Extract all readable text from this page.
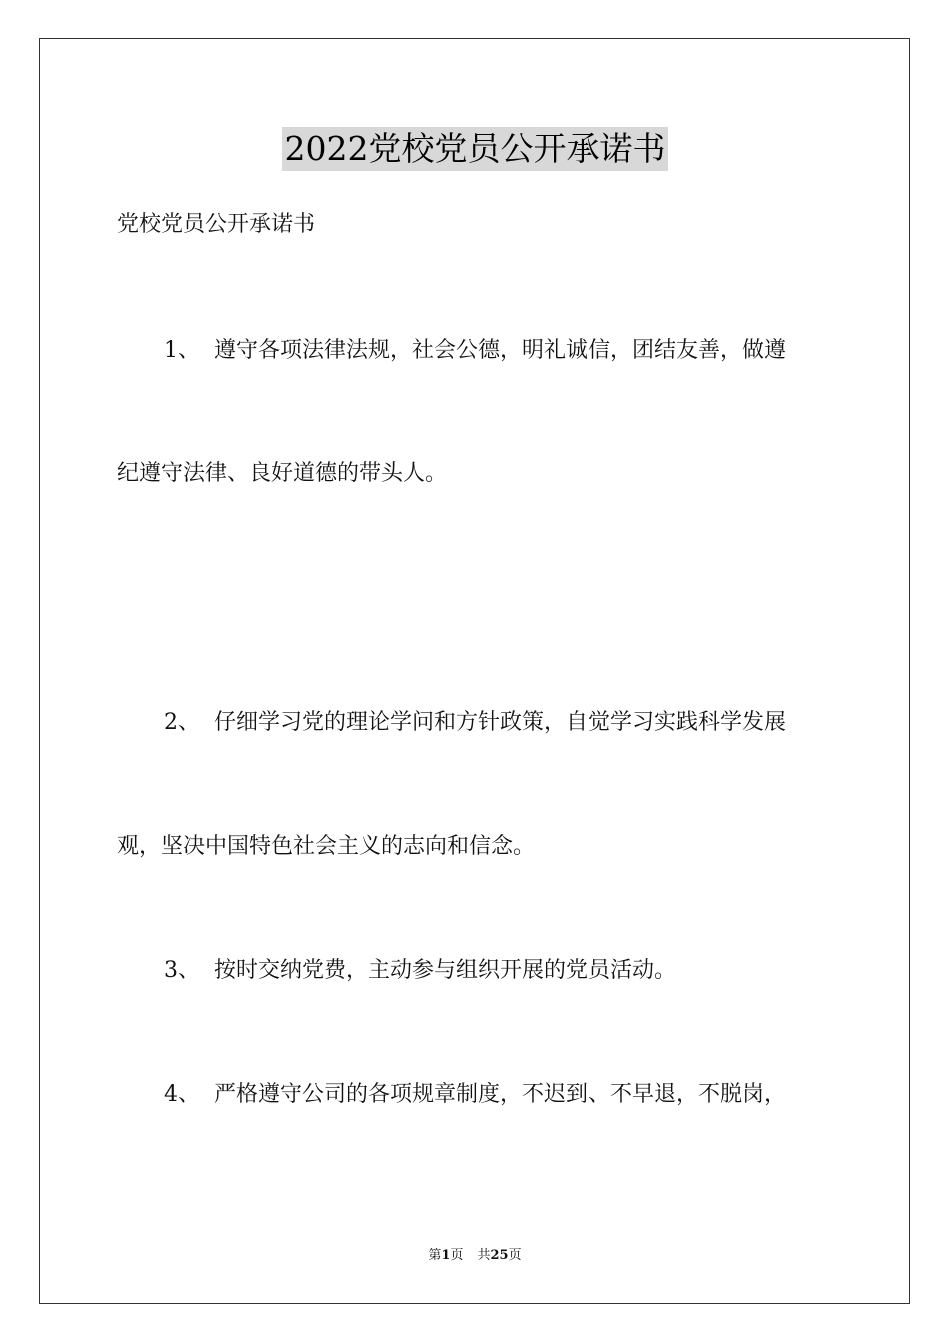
2022党校党员公开承诺书
党校党员公开承诺书
1、 遵守各项法律法规，社会公德，明礼诚信，团结友善，做遵
纪遵守法律、良好道德的带头人。
2、 仔细学习党的理论学问和方针政策，自觉学习实践科学发展
观，坚决中国特色社会主义的志向和信念。
3、 按时交纳党费，主动参与组织开展的党员活动。
4、 严格遵守公司的各项规章制度，不迟到、不早退，不脱岗，
第1页 共25页
